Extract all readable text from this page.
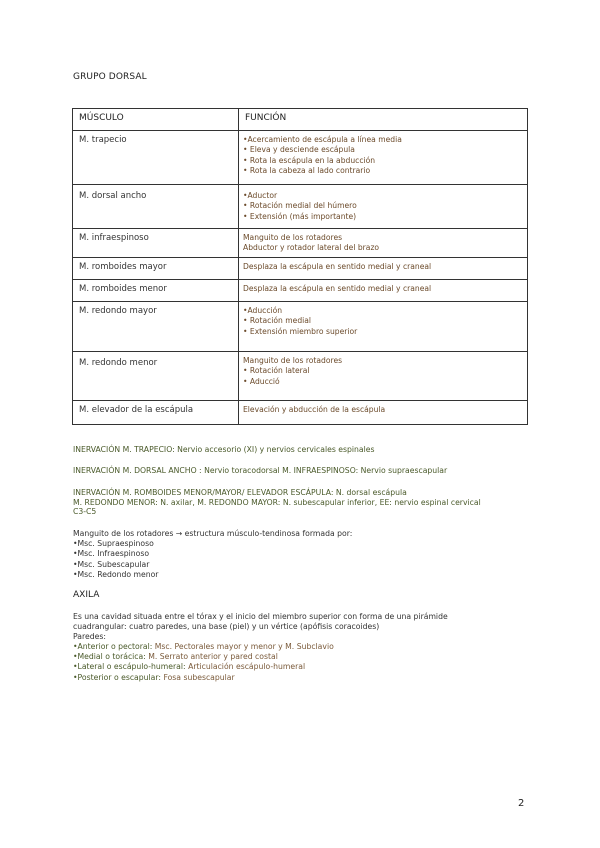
GRUPO DORSAL
MÚSCULO	FUNCIÓN
M. trapecio	•Acercamiento de escápula a línea media
• Eleva y desciende escápula
• Rota la escápula en la abducción
• Rota la cabeza al lado contrario

M. dorsal ancho	•Aductor
• Rotación medial del húmero
• Extensión (más importante)

M. infraespinoso	Manguito de los rotadores
Abductor y rotador lateral del brazo

M. romboides mayor	Desplaza la escápula en sentido medial y craneal

M. romboides menor	Desplaza la escápula en sentido medial y craneal

M. redondo mayor	•Aducción
• Rotación medial
• Extensión miembro superior

M. redondo menor	Manguito de los rotadores
• Rotación lateral
• Aducció

M. elevador de la escápula	Elevación y abducción de la escápula
INERVACIÓN M. TRAPECIO: Nervio accesorio (XI) y nervios cervicales espinales
INERVACIÓN M. DORSAL ANCHO : Nervio toracodorsal M. INFRAESPINOSO: Nervio supraescapular
INERVACIÓN M. ROMBOIDES MENOR/MAYOR/ ELEVADOR ESCÁPULA: N. dorsal escápula
M. REDONDO MENOR: N. axilar, M. REDONDO MAYOR: N. subescapular inferior, EE: nervio espinal cervical
C3-C5
Manguito de los rotadores → estructura músculo-tendinosa formada por:
•Msc. Supraespinoso
•Msc. Infraespinoso
•Msc. Subescapular
•Msc. Redondo menor
AXILA
Es una cavidad situada entre el tórax y el inicio del miembro superior con forma de una pirámide
cuadrangular: cuatro paredes, una base (piel) y un vértice (apófisis coracoides)
Paredes:
•Anterior o pectoral: Msc. Pectorales mayor y menor y M. Subclavio
•Medial o torácica: M. Serrato anterior y pared costal
•Lateral o escápulo-humeral: Articulación escápulo-humeral
•Posterior o escapular: Fosa subescapular
2
